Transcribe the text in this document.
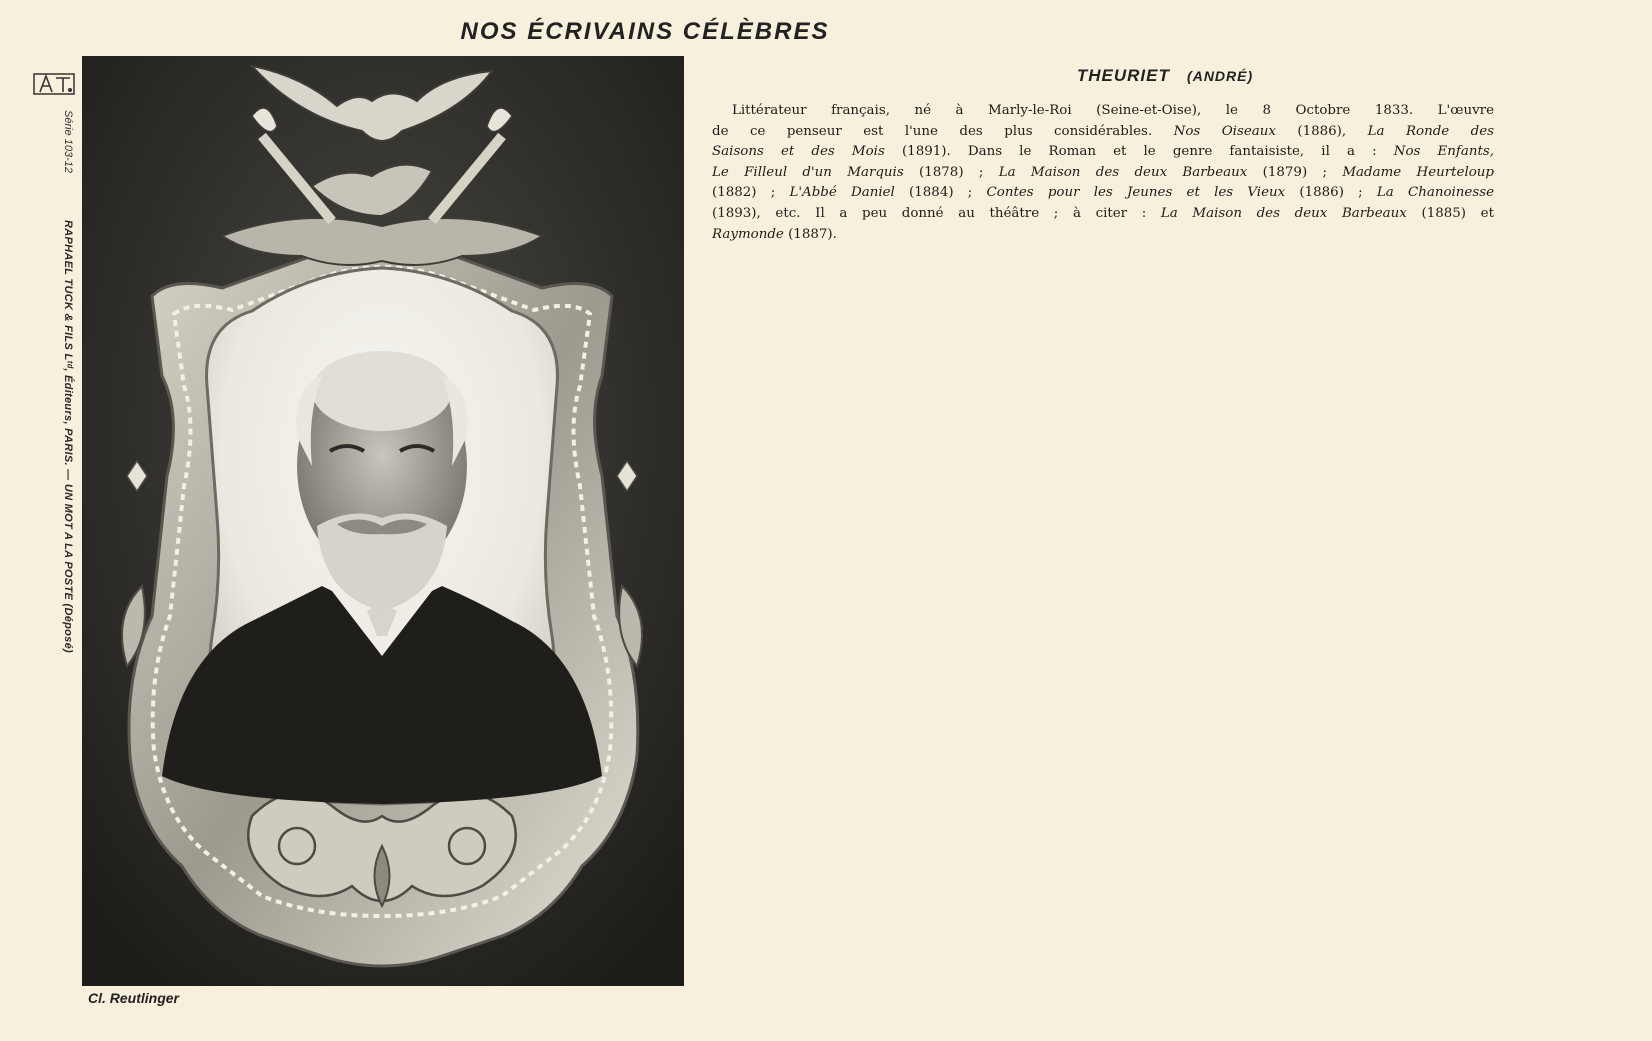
NOS ÉCRIVAINS CÉLÈBRES
Série 103-12
RAPHAEL TUCK & FILS Lᵗᵈ, Éditeurs, PARIS. — UN MOT A LA POSTE (Déposé)
Cl. Reutlinger
THEURIET (ANDRÉ)
Littérateur français, né à Marly-le-Roi (Seine-et-Oise), le 8 Octobre 1833. L'œuvre
de ce penseur est l'une des plus considérables. Nos Oiseaux (1886), La Ronde des
Saisons et des Mois (1891). Dans le Roman et le genre fantaisiste, il a : Nos Enfants,
Le Filleul d'un Marquis (1878) ; La Maison des deux Barbeaux (1879) ; Madame Heurteloup
(1882) ; L'Abbé Daniel (1884) ; Contes pour les Jeunes et les Vieux (1886) ; La Chanoinesse
(1893), etc. Il a peu donné au théâtre ; à citer : La Maison des deux Barbeaux (1885) et
Raymonde (1887).
